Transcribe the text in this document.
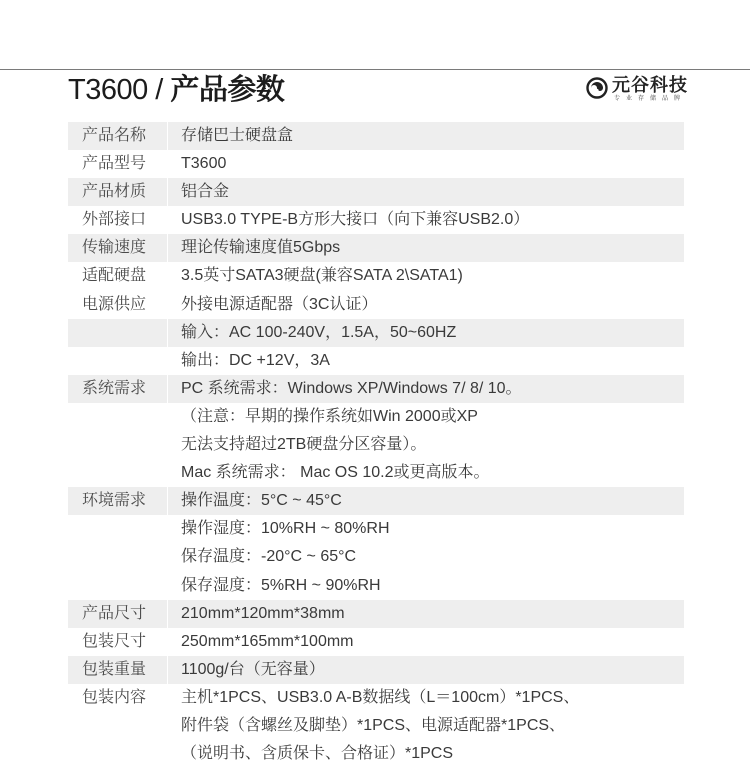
T3600 / 产品参数	元谷科技
专业存储品牌
产品名称	存储巴士硬盘盒
产品型号	T3600
产品材质	铝合金
外部接口	USB3.0 TYPE-B方形大接口（向下兼容USB2.0）
传输速度	理论传输速度值5Gbps
适配硬盘	3.5英寸SATA3硬盘(兼容SATA 2\SATA1)
电源供应	外接电源适配器（3C认证）
输入：AC 100-240V，1.5A，50~60HZ
输出：DC +12V，3A
系统需求	PC 系统需求：Windows XP/Windows 7/ 8/ 10。
（注意：早期的操作系统如Win 2000或XP
无法支持超过2TB硬盘分区容量）。
Mac 系统需求： Mac OS 10.2或更高版本。
环境需求	操作温度：5°C ~ 45°C
操作湿度：10%RH ~ 80%RH
保存温度：-20°C ~ 65°C
保存湿度：5%RH ~ 90%RH
产品尺寸	210mm*120mm*38mm
包装尺寸	250mm*165mm*100mm
包装重量	1100g/台（无容量）
包装内容	主机*1PCS、USB3.0 A-B数据线（L＝100cm）*1PCS、
附件袋（含螺丝及脚垫）*1PCS、电源适配器*1PCS、
（说明书、含质保卡、合格证）*1PCS
